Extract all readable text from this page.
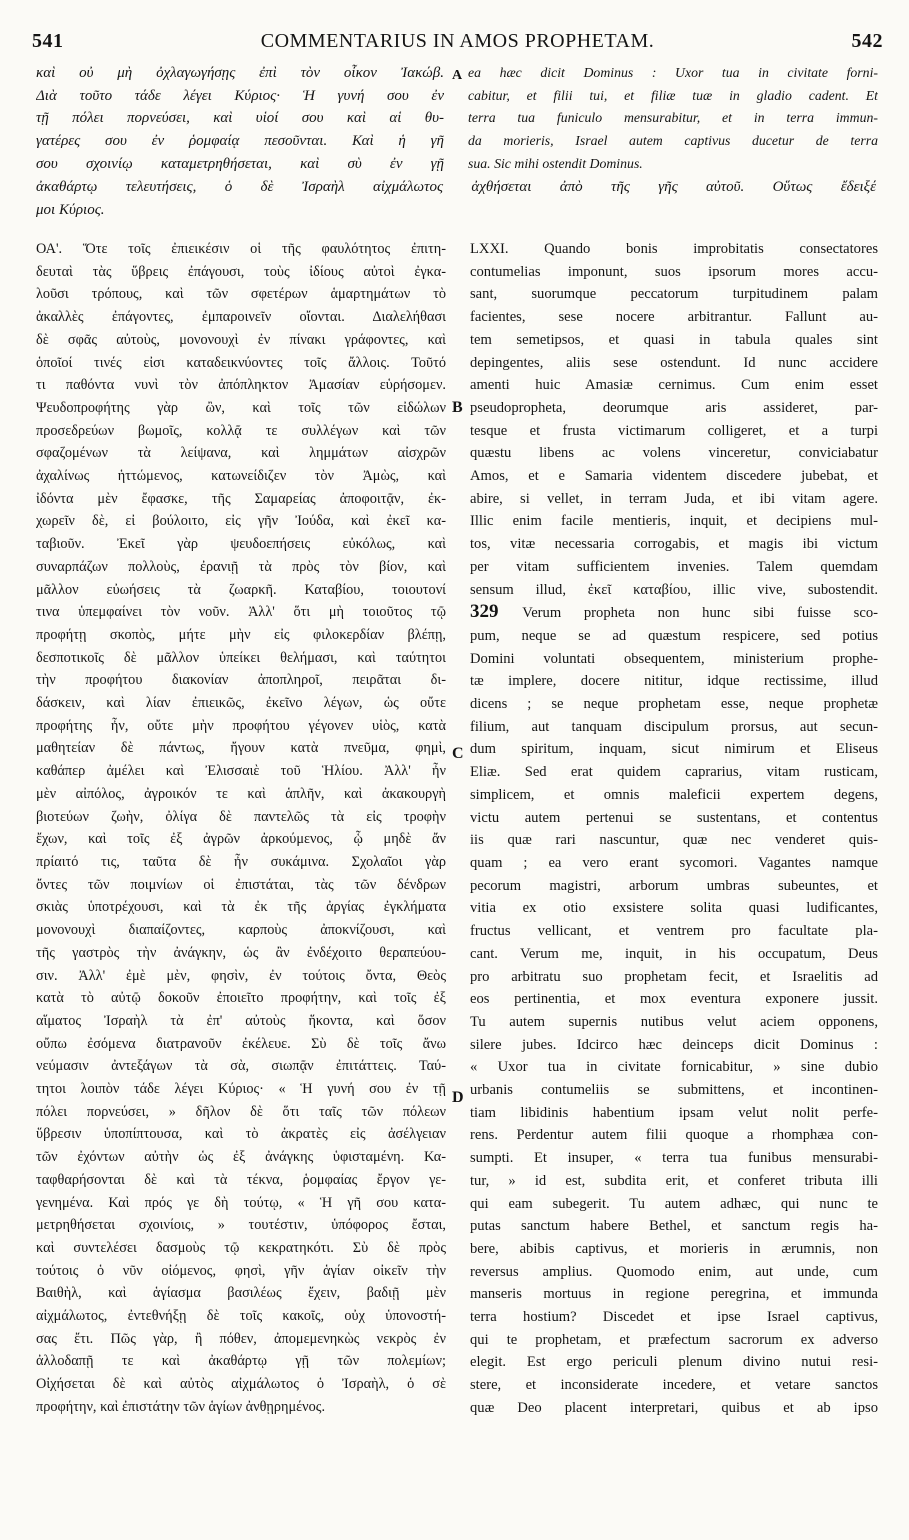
541	COMMENTARIUS IN AMOS PROPHETAM.	542
A
B
C
D
καὶ οὐ μὴ ὀχλαγωγήσῃς ἐπὶ τὸν οἶκον Ἰακώβ.
Διὰ τοῦτο τάδε λέγει Κύριος· Ἡ γυνή σου ἐν
τῇ πόλει πορνεύσει, καὶ υἱοί σου καὶ αἱ θυ-
γατέρες σου ἐν ῥομφαίᾳ πεσοῦνται. Καὶ ἡ γῆ
σου σχοινίῳ καταμετρηθήσεται, καὶ σὺ ἐν γῇ
ea hæc dicit Dominus : Uxor tua in civitate forni-
cabitur, et filii tui, et filiæ tuæ in gladio cadent. Et
terra tua funiculo mensurabitur, et in terra immun-
da morieris, Israel autem captivus ducetur de terra
sua. Sic mihi ostendit Dominus.
ἀκαθάρτῳ τελευτήσεις, ὁ δὲ Ἰσραὴλ αἰχμάλωτος ἀχθήσεται ἀπὸ τῆς γῆς αὐτοῦ. Οὕτως ἔδειξέ
μοι Κύριος.
ΟΑ'. Ὅτε τοῖς ἐπιεικέσιν οἱ τῆς φαυλότητος ἐπιτη-
δευταὶ τὰς ὕβρεις ἐπάγουσι, τοὺς ἰδίους αὐτοὶ ἐγκα-
λοῦσι τρόπους, καὶ τῶν σφετέρων ἁμαρτημάτων τὸ
ἀκαλλὲς ἐπάγοντες, ἐμπαροινεῖν οἴονται. Διαλελήθασι
δὲ σφᾶς αὐτοὺς, μονονουχὶ ἐν πίνακι γράφοντες, καὶ
ὁποῖοί τινές εἰσι καταδεικνύοντες τοῖς ἄλλοις. Τοῦτό
τι παθόντα νυνὶ τὸν ἀπόπληκτον Ἀμασίαν εὑρήσομεν.
Ψευδοπροφήτης γὰρ ὢν, καὶ τοῖς τῶν εἰδώλων
προσεδρεύων βωμοῖς, κολλᾷ τε συλλέγων καὶ τῶν
σφαζομένων τὰ λείψανα, καὶ λημμάτων αἰσχρῶν
ἀχαλίνως ἡττώμενος, κατωνείδιζεν τὸν Ἀμὼς, καὶ
ἰδόντα μὲν ἔφασκε, τῆς Σαμαρείας ἀποφοιτᾷν, ἐκ-
χωρεῖν δὲ, εἰ βούλοιτο, εἰς γῆν Ἰούδα, καὶ ἐκεῖ κα-
ταβιοῦν. Ἐκεῖ γὰρ ψευδοεπήσεις εὐκόλως, καὶ
συναρπάζων πολλοὺς, ἐρανιῇ τὰ πρὸς τὸν βίον, καὶ
μᾶλλον εὐωήσεις τὰ ζωαρκῆ. Καταβίου, τοιουτονί
τινα ὑπεμφαίνει τὸν νοῦν. Ἀλλ' ὅτι μὴ τοιοῦτος τῷ
προφήτῃ σκοπὸς, μήτε μὴν εἰς φιλοκερδίαν βλέπῃ,
δεσποτικοῖς δὲ μᾶλλον ὑπείκει θελήμασι, καὶ ταύτητοι
τὴν προφήτου διακονίαν ἀποπληροῖ, πειρᾶται δι-
δάσκειν, καὶ λίαν ἐπιεικῶς, ἐκεῖνο λέγων, ὡς οὔτε
προφήτης ἦν, οὔτε μὴν προφήτου γέγονεν υἱὸς, κατὰ
μαθητείαν δὲ πάντως, ἤγουν κατὰ πνεῦμα, φημὶ,
καθάπερ ἀμέλει καὶ Ἐλισσαιὲ τοῦ Ἡλίου. Ἀλλ' ἦν
μὲν αἰπόλος, ἀγροικόν τε καὶ ἁπλῆν, καὶ ἀκακουργὴ
βιοτεύων ζωὴν, ὀλίγα δὲ παντελῶς τὰ εἰς τροφὴν
ἔχων, καὶ τοῖς ἐξ ἀγρῶν ἀρκούμενος, ᾧ μηδὲ ἄν
πρίαιτό τις, ταῦτα δὲ ἦν συκάμινα. Σχολαῖοι γὰρ
ὄντες τῶν ποιμνίων οἱ ἐπιστάται, τὰς τῶν δένδρων
σκιὰς ὑποτρέχουσι, καὶ τὰ ἐκ τῆς ἀργίας ἐγκλήματα
μονονουχὶ διαπαίζοντες, καρποὺς ἀποκνίζουσι, καὶ
τῆς γαστρὸς τὴν ἀνάγκην, ὡς ἂν ἐνδέχοιτο θεραπεύου-
σιν. Ἀλλ' ἐμὲ μὲν, φησὶν, ἐν τούτοις ὄντα, Θεὸς
κατὰ τὸ αὐτῷ δοκοῦν ἐποιεῖτο προφήτην, καὶ τοῖς ἐξ
αἵματος Ἰσραὴλ τὰ ἐπ' αὐτοὺς ἥκοντα, καὶ ὅσον
οὔπω ἐσόμενα διατρανοῦν ἐκέλευε. Σὺ δὲ τοῖς ἄνω
νεύμασιν ἀντεξάγων τὰ σὰ, σιωπᾷν ἐπιτάττεις. Ταύ-
τητοι λοιπὸν τάδε λέγει Κύριος· « Ἡ γυνή σου ἐν τῇ
πόλει πορνεύσει, » δῆλον δὲ ὅτι ταῖς τῶν πόλεων
ὕβρεσιν ὑποπίπτουσα, καὶ τὸ ἀκρατὲς εἰς ἀσέλγειαν
τῶν ἐχόντων αὐτὴν ὡς ἐξ ἀνάγκης ὑφισταμένη. Κα-
ταφθαρήσονται δὲ καὶ τὰ τέκνα, ῥομφαίας ἔργον γε-
γενημένα. Καὶ πρός γε δὴ τούτῳ, « Ἡ γῆ σου κατα-
μετρηθήσεται σχοινίοις, » τουτέστιν, ὑπόφορος ἔσται,
καὶ συντελέσει δασμοὺς τῷ κεκρατηκότι. Σὺ δὲ πρὸς
τούτοις ὁ νῦν οἰόμενος, φησὶ, γῆν ἁγίαν οἰκεῖν τὴν
Βαιθὴλ, καὶ ἁγίασμα βασιλέως ἔχειν, βαδιῇ μὲν
αἰχμάλωτος, ἐντεθνήξῃ δὲ τοῖς κακοῖς, οὐχ ὑπονοστή-
σας ἔτι. Πῶς γὰρ, ἢ πόθεν, ἀπομεμενηκὼς νεκρὸς ἐν
ἀλλοδαπῇ τε καὶ ἀκαθάρτῳ γῇ τῶν πολεμίων;
Οἰχήσεται δὲ καὶ αὐτὸς αἰχμάλωτος ὁ Ἰσραὴλ, ὁ σὲ
προφήτην, καὶ ἐπιστάτην τῶν ἁγίων ἀνθῃρημένος.
LXXI. Quando bonis improbitatis consectatores
contumelias imponunt, suos ipsorum mores accu-
sant, suorumque peccatorum turpitudinem palam
facientes, sese nocere arbitrantur. Fallunt au-
tem semetipsos, et quasi in tabula quales sint
depingentes, aliis sese ostendunt. Id nunc accidere
amenti huic Amasiæ cernimus. Cum enim esset
pseudopropheta, deorumque aris assideret, par-
tesque et frusta victimarum colligeret, et a turpi
quæstu libens ac volens vinceretur, conviciabatur
Amos, et e Samaria videntem discedere jubebat, et
abire, si vellet, in terram Juda, et ibi vitam agere.
Illic enim facile mentieris, inquit, et decipiens mul-
tos, vitæ necessaria corrogabis, et magis ibi victum
per vitam sufficientem invenies. Talem quemdam
sensum illud, ἐκεῖ καταβίου, illic vive, subostendit.
329 Verum propheta non hunc sibi fuisse sco-
pum, neque se ad quæstum respicere, sed potius
Domini voluntati obsequentem, ministerium prophe-
tæ implere, docere nititur, idque rectissime, illud
dicens ; se neque prophetam esse, neque prophetæ
filium, aut tanquam discipulum prorsus, aut secun-
dum spiritum, inquam, sicut nimirum et Eliseus
Eliæ. Sed erat quidem caprarius, vitam rusticam,
simplicem, et omnis maleficii expertem degens,
victu autem pertenui se sustentans, et contentus
iis quæ rari nascuntur, quæ nec venderet quis-
quam ; ea vero erant sycomori. Vagantes namque
pecorum magistri, arborum umbras subeuntes, et
vitia ex otio exsistere solita quasi ludificantes,
fructus vellicant, et ventrem pro facultate pla-
cant. Verum me, inquit, in his occupatum, Deus
pro arbitratu suo prophetam fecit, et Israelitis ad
eos pertinentia, et mox eventura exponere jussit.
Tu autem supernis nutibus velut aciem opponens,
silere jubes. Idcirco hæc deinceps dicit Dominus :
« Uxor tua in civitate fornicabitur, » sine dubio
urbanis contumeliis se submittens, et incontinen-
tiam libidinis habentium ipsam velut nolit perfe-
rens. Perdentur autem filii quoque a rhomphæa con-
sumpti. Et insuper, « terra tua funibus mensurabi-
tur, » id est, subdita erit, et conferet tributa illi
qui eam subegerit. Tu autem adhæc, qui nunc te
putas sanctum habere Bethel, et sanctum regis ha-
bere, abibis captivus, et morieris in ærumnis, non
reversus amplius. Quomodo enim, aut unde, cum
manseris mortuus in regione peregrina, et immunda
terra hostium? Discedet et ipse Israel captivus,
qui te prophetam, et præfectum sacrorum ex adverso
elegit. Est ergo periculi plenum divino nutui resi-
stere, et inconsiderate incedere, et vetare sanctos
quæ Deo placent interpretari, quibus et ab ipso
